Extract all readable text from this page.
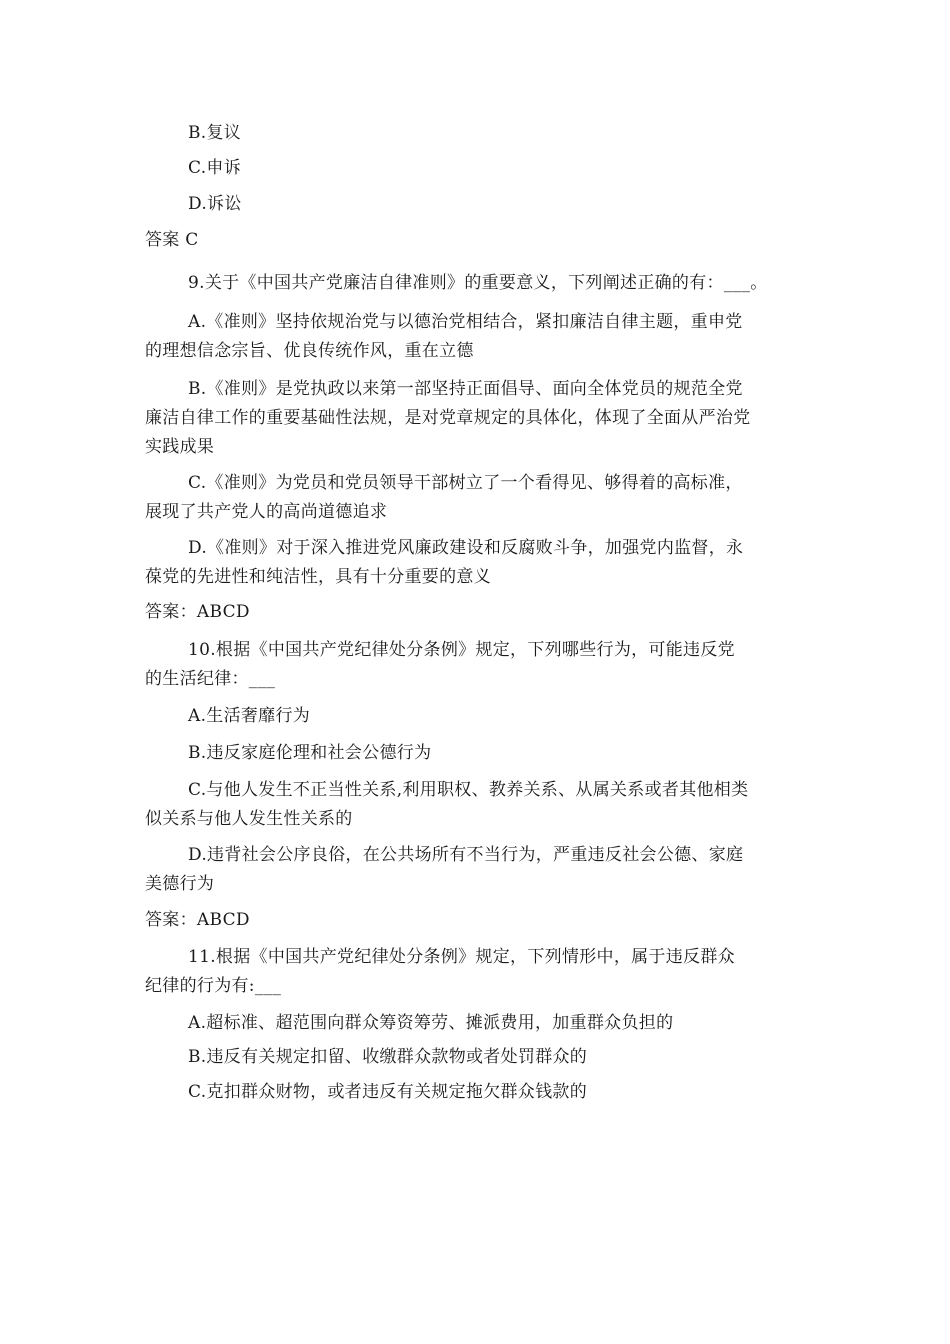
B.复议
C.申诉
D.诉讼
答案 C
9.关于《中国共产党廉洁自律准则》的重要意义，下列阐述正确的有：___。
A.《准则》坚持依规治党与以德治党相结合，紧扣廉洁自律主题，重申党
的理想信念宗旨、优良传统作风，重在立德
B.《准则》是党执政以来第一部坚持正面倡导、面向全体党员的规范全党
廉洁自律工作的重要基础性法规，是对党章规定的具体化，体现了全面从严治党
实践成果
C.《准则》为党员和党员领导干部树立了一个看得见、够得着的高标准，
展现了共产党人的高尚道德追求
D.《准则》对于深入推进党风廉政建设和反腐败斗争，加强党内监督，永
葆党的先进性和纯洁性，具有十分重要的意义
答案：ABCD
10.根据《中国共产党纪律处分条例》规定，下列哪些行为，可能违反党
的生活纪律：___
A.生活奢靡行为
B.违反家庭伦理和社会公德行为
C.与他人发生不正当性关系,利用职权、教养关系、从属关系或者其他相类
似关系与他人发生性关系的
D.违背社会公序良俗，在公共场所有不当行为，严重违反社会公德、家庭
美德行为
答案：ABCD
11.根据《中国共产党纪律处分条例》规定，下列情形中，属于违反群众
纪律的行为有:___
A.超标准、超范围向群众筹资筹劳、摊派费用，加重群众负担的
B.违反有关规定扣留、收缴群众款物或者处罚群众的
C.克扣群众财物，或者违反有关规定拖欠群众钱款的
